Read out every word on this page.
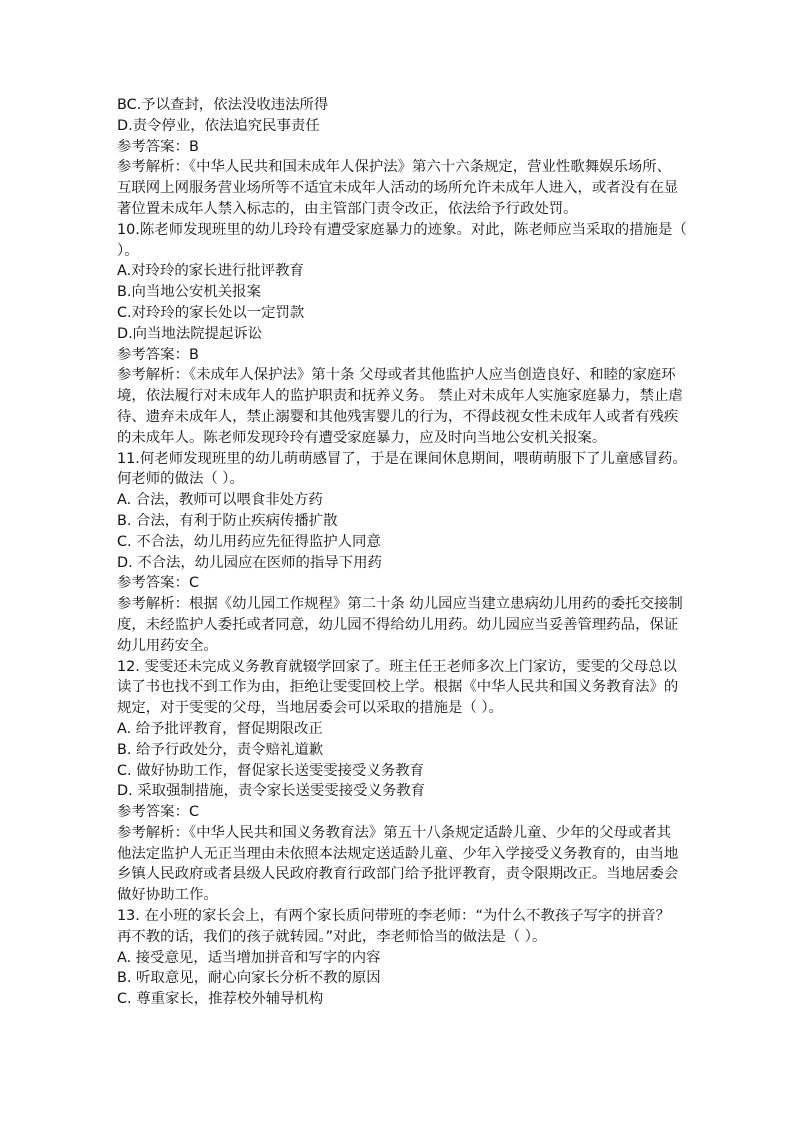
BC.予以查封，依法没收违法所得
D.责令停业，依法追究民事责任
参考答案：B
参考解析：《中华人民共和国未成年人保护法》第六十六条规定，营业性歌舞娱乐场所、
互联网上网服务营业场所等不适宜未成年人活动的场所允许未成年人进入，或者没有在显
著位置未成年人禁入标志的，由主管部门责令改正，依法给予行政处罚。
10.陈老师发现班里的幼儿玲玲有遭受家庭暴力的迹象。对此，陈老师应当采取的措施是（
）。
A.对玲玲的家长进行批评教育
B.向当地公安机关报案
C.对玲玲的家长处以一定罚款
D.向当地法院提起诉讼
参考答案：B
参考解析：《未成年人保护法》第十条 父母或者其他监护人应当创造良好、和睦的家庭环
境，依法履行对未成年人的监护职责和抚养义务。 禁止对未成年人实施家庭暴力，禁止虐
待、遗弃未成年人，禁止溺婴和其他残害婴儿的行为，不得歧视女性未成年人或者有残疾
的未成年人。陈老师发现玲玲有遭受家庭暴力，应及时向当地公安机关报案。
11.何老师发现班里的幼儿萌萌感冒了，于是在课间休息期间，喂萌萌服下了儿童感冒药。
何老师的做法（ ）。
A. 合法，教师可以喂食非处方药
B. 合法，有利于防止疾病传播扩散
C. 不合法，幼儿用药应先征得监护人同意
D. 不合法，幼儿园应在医师的指导下用药
参考答案：C
参考解析：根据《幼儿园工作规程》第二十条 幼儿园应当建立患病幼儿用药的委托交接制
度，未经监护人委托或者同意，幼儿园不得给幼儿用药。幼儿园应当妥善管理药品，保证
幼儿用药安全。
12. 雯雯还未完成义务教育就辍学回家了。班主任王老师多次上门家访，雯雯的父母总以
读了书也找不到工作为由，拒绝让雯雯回校上学。根据《中华人民共和国义务教育法》的
规定，对于雯雯的父母，当地居委会可以采取的措施是（ ）。
A. 给予批评教育，督促期限改正
B. 给予行政处分，责令赔礼道歉
C. 做好协助工作，督促家长送雯雯接受义务教育
D. 采取强制措施，责令家长送雯雯接受义务教育
参考答案：C
参考解析：《中华人民共和国义务教育法》第五十八条规定适龄儿童、少年的父母或者其
他法定监护人无正当理由未依照本法规定送适龄儿童、少年入学接受义务教育的，由当地
乡镇人民政府或者县级人民政府教育行政部门给予批评教育，责令限期改正。当地居委会
做好协助工作。
13. 在小班的家长会上，有两个家长质问带班的李老师：“为什么不教孩子写字的拼音？
再不教的话，我们的孩子就转园。”对此，李老师恰当的做法是（ ）。
A. 接受意见，适当增加拼音和写字的内容
B. 听取意见，耐心向家长分析不教的原因
C. 尊重家长，推荐校外辅导机构
